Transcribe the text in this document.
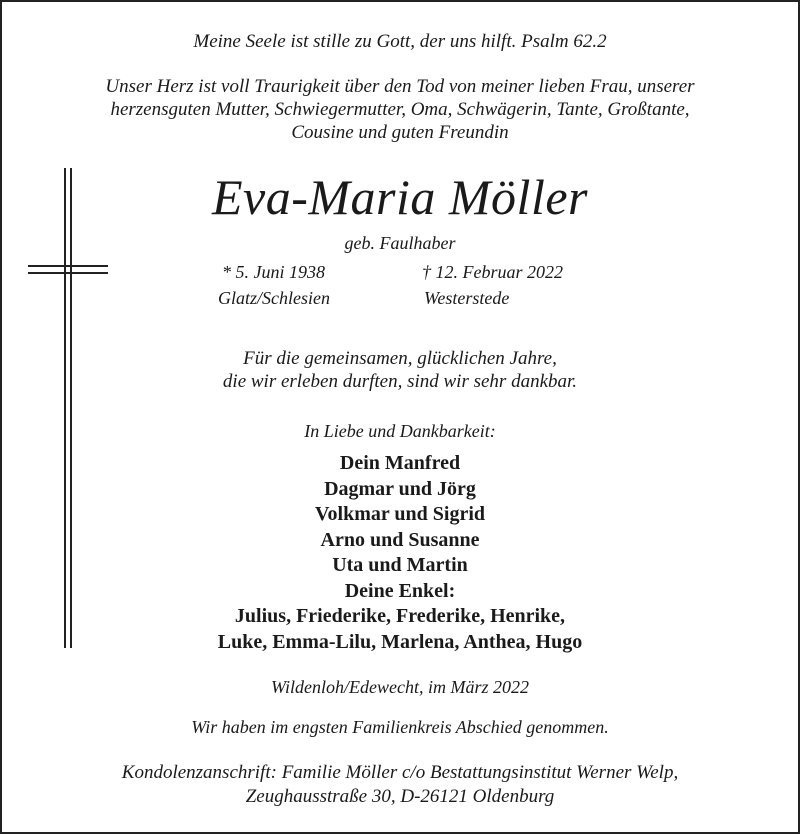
Meine Seele ist stille zu Gott, der uns hilft. Psalm 62.2
Unser Herz ist voll Traurigkeit über den Tod von meiner lieben Frau, unserer
herzensguten Mutter, Schwiegermutter, Oma, Schwägerin, Tante, Großtante,
Cousine und guten Freundin
Eva-Maria Möller
geb. Faulhaber
* 5. Juni 1938
Glatz/Schlesien
† 12. Februar 2022
Westerstede
Für die gemeinsamen, glücklichen Jahre,
die wir erleben durften, sind wir sehr dankbar.
In Liebe und Dankbarkeit:
Dein Manfred
Dagmar und Jörg
Volkmar und Sigrid
Arno und Susanne
Uta und Martin
Deine Enkel:
Julius, Friederike, Frederike, Henrike,
Luke, Emma-Lilu, Marlena, Anthea, Hugo
Wildenloh/Edewecht, im März 2022
Wir haben im engsten Familienkreis Abschied genommen.
Kondolenzanschrift: Familie Möller c/o Bestattungsinstitut Werner Welp,
Zeughausstraße 30, D-26121 Oldenburg
